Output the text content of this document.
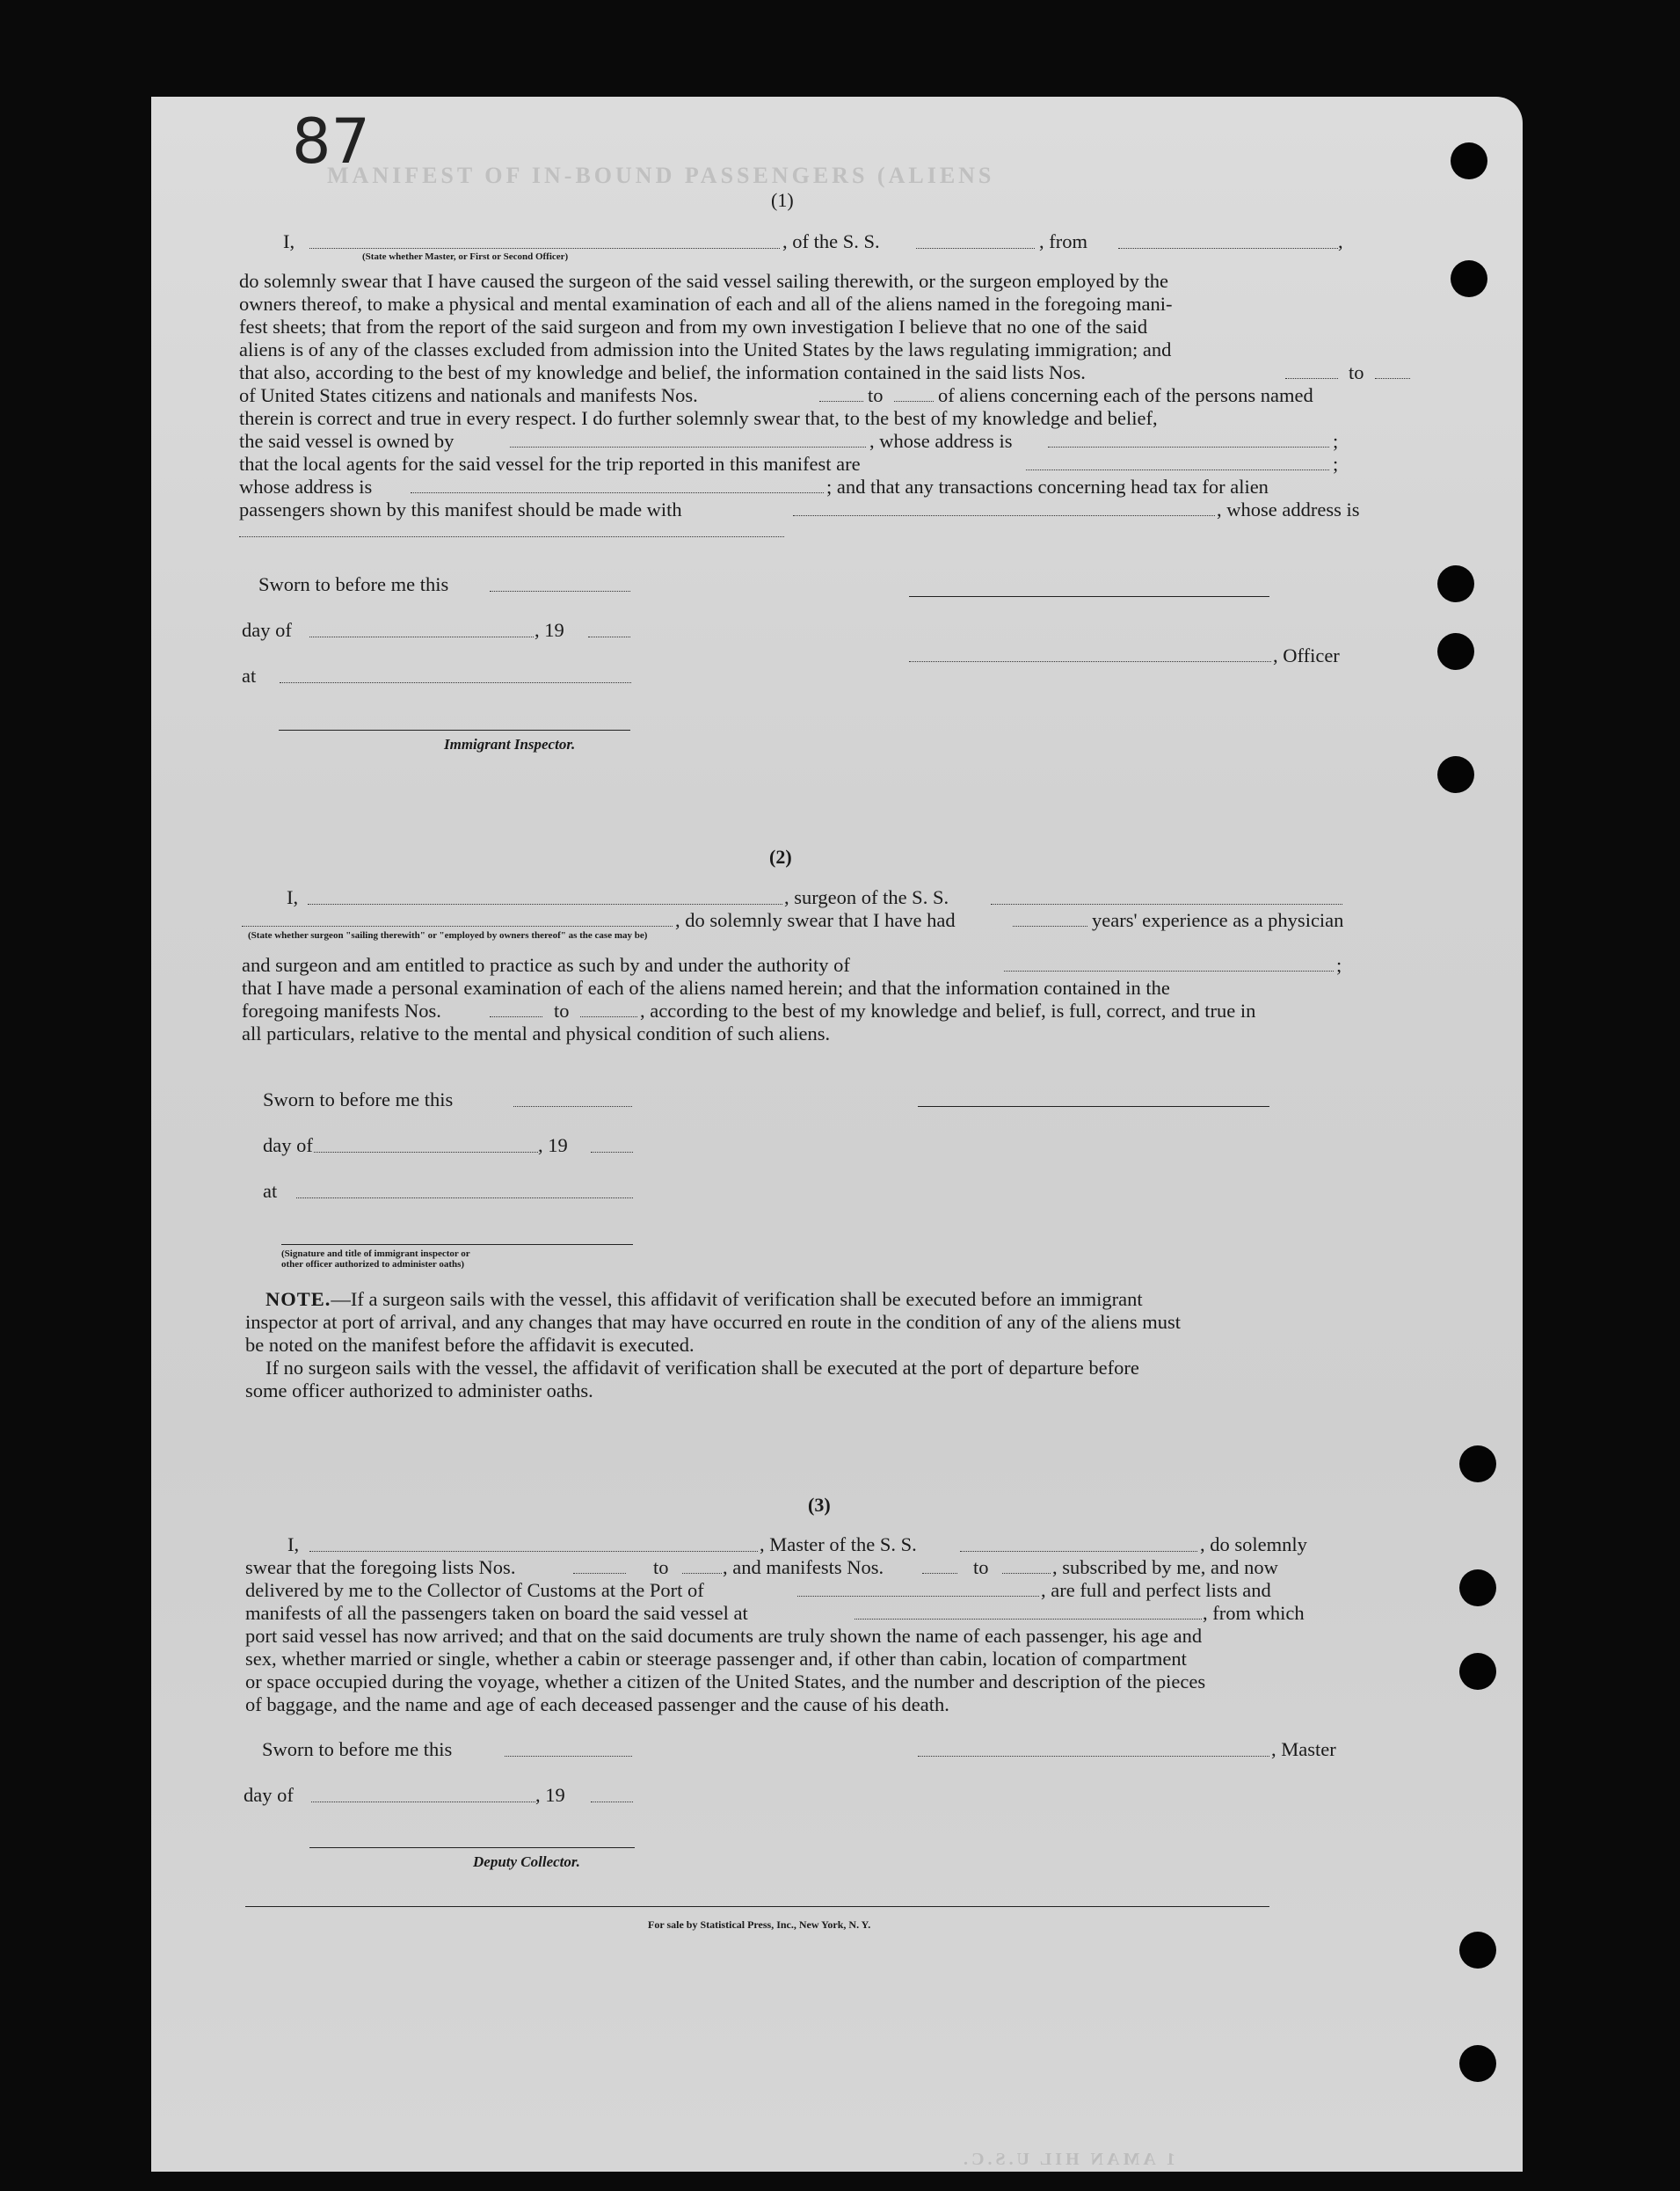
87
MANIFEST OF IN-BOUND PASSENGERS (ALIENS
1 AMAN HIL U.S.C.
(1)
I,	, of the S. S.	, from	,
(State whether Master, or First or Second Officer)
do solemnly swear that I have caused the surgeon of the said vessel sailing therewith, or the surgeon employed by the
owners thereof, to make a physical and mental examination of each and all of the aliens named in the foregoing mani-
fest sheets; that from the report of the said surgeon and from my own investigation I believe that no one of the said
aliens is of any of the classes excluded from admission into the United States by the laws regulating immigration; and
that also, according to the best of my knowledge and belief, the information contained in the said lists Nos.	to
of United States citizens and nationals and manifests Nos.	to	of aliens concerning each of the persons named
therein is correct and true in every respect. I do further solemnly swear that, to the best of my knowledge and belief,
the said vessel is owned by	, whose address is	;
that the local agents for the said vessel for the trip reported in this manifest are	;
whose address is	; and that any transactions concerning head tax for alien
passengers shown by this manifest should be made with	, whose address is
Sworn to before me this
day of	, 19
, Officer
at
Immigrant Inspector.
(2)
I,	, surgeon of the S. S.
, do solemnly swear that I have had	years' experience as a physician
(State whether surgeon "sailing therewith" or "employed by owners thereof" as the case may be)
and surgeon and am entitled to practice as such by and under the authority of	;
that I have made a personal examination of each of the aliens named herein; and that the information contained in the
foregoing manifests Nos.	to	, according to the best of my knowledge and belief, is full, correct, and true in
all particulars, relative to the mental and physical condition of such aliens.
Sworn to before me this
day of	, 19
at
(Signature and title of immigrant inspector or
other officer authorized to administer oaths)
NOTE.—If a surgeon sails with the vessel, this affidavit of verification shall be executed before an immigrant
inspector at port of arrival, and any changes that may have occurred en route in the condition of any of the aliens must
be noted on the manifest before the affidavit is executed.
If no surgeon sails with the vessel, the affidavit of verification shall be executed at the port of departure before
some officer authorized to administer oaths.
(3)
I,	, Master of the S. S.	, do solemnly
swear that the foregoing lists Nos.	to	, and manifests Nos.	to	, subscribed by me, and now
delivered by me to the Collector of Customs at the Port of	, are full and perfect lists and
manifests of all the passengers taken on board the said vessel at	, from which
port said vessel has now arrived; and that on the said documents are truly shown the name of each passenger, his age and
sex, whether married or single, whether a cabin or steerage passenger and, if other than cabin, location of compartment
or space occupied during the voyage, whether a citizen of the United States, and the number and description of the pieces
of baggage, and the name and age of each deceased passenger and the cause of his death.
Sworn to before me this	, Master
day of	, 19
Deputy Collector.
For sale by Statistical Press, Inc., New York, N. Y.
